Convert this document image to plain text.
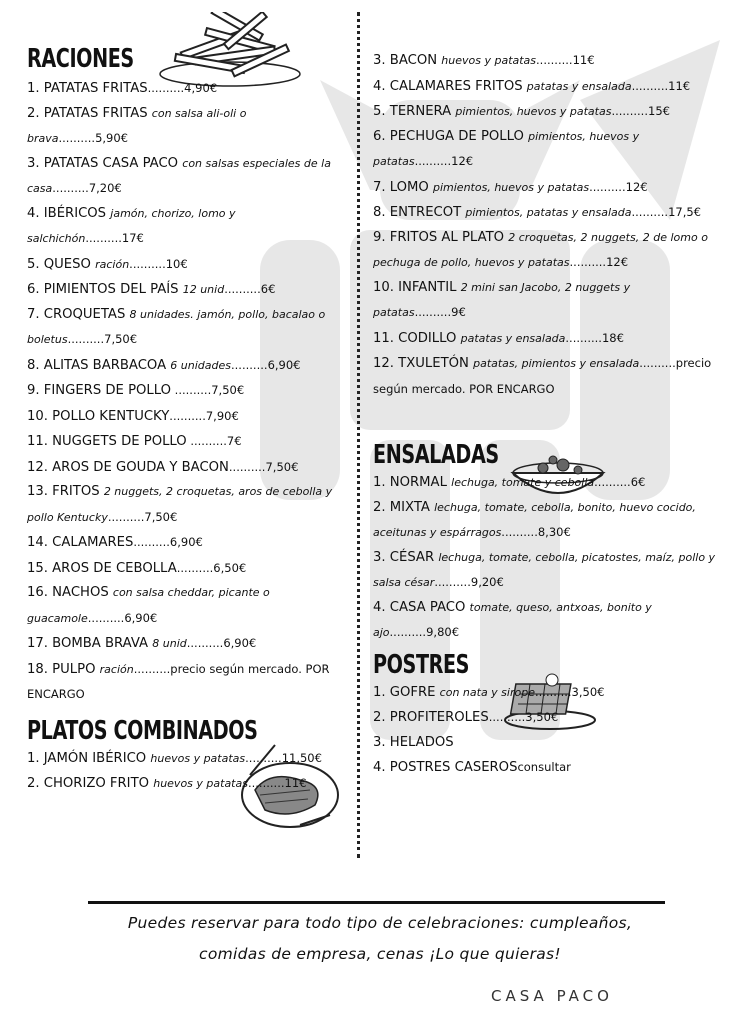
RACIONES
1. PATATAS FRITAS..........4,90€
2. PATATAS FRITAS con salsa ali-oli o brava..........5,90€
3. PATATAS CASA PACO con salsas especiales de la casa..........7,20€
4. IBÉRICOS jamón, chorizo, lomo y salchichón..........17€
5. QUESO ración..........10€
6. PIMIENTOS DEL PAÍS 12 unid..........6€
7. CROQUETAS 8 unidades. jamón, pollo, bacalao o boletus..........7,50€
8. ALITAS BARBACOA 6 unidades..........6,90€
9. FINGERS DE POLLO ..........7,50€
10. POLLO KENTUCKY..........7,90€
11. NUGGETS DE POLLO ..........7€
12. AROS DE GOUDA Y BACON..........7,50€
13. FRITOS 2 nuggets, 2 croquetas, aros de cebolla y pollo Kentucky..........7,50€
14. CALAMARES..........6,90€
15. AROS DE CEBOLLA..........6,50€
16. NACHOS con salsa cheddar, picante o guacamole..........6,90€
17. BOMBA BRAVA 8 unid..........6,90€
18. PULPO ración..........precio según mercado. POR ENCARGO
PLATOS COMBINADOS
1. JAMÓN IBÉRICO huevos y patatas..........11,50€
2. CHORIZO FRITO huevos y patatas..........11€
3. BACON huevos y patatas..........11€
4. CALAMARES FRITOS patatas y ensalada..........11€
5. TERNERA pimientos, huevos y patatas..........15€
6. PECHUGA DE POLLO pimientos, huevos y patatas..........12€
7. LOMO pimientos, huevos y patatas..........12€
8. ENTRECOT pimientos, patatas y ensalada..........17,5€
9. FRITOS AL PLATO 2 croquetas, 2 nuggets, 2 de lomo o pechuga de pollo, huevos y patatas..........12€
10. INFANTIL 2 mini san Jacobo, 2 nuggets y patatas..........9€
11. CODILLO patatas y ensalada..........18€
12. TXULETÓN patatas, pimientos y ensalada..........precio según mercado. POR ENCARGO
ENSALADAS
1. NORMAL lechuga, tomate y cebolla..........6€
2. MIXTA lechuga, tomate, cebolla, bonito, huevo cocido, aceitunas y espárragos..........8,30€
3. CÉSAR lechuga, tomate, cebolla, picatostes, maíz, pollo y salsa césar..........9,20€
4. CASA PACO tomate, queso, antxoas, bonito y ajo..........9,80€
POSTRES
1. GOFRE con nata y sirope..........3,50€
2. PROFITEROLES..........3,50€
3. HELADOS
4. POSTRES CASEROSconsultar
Puedes reservar para todo tipo de celebraciones: cumpleaños,
comidas de empresa, cenas ¡Lo que quieras!
CASA PACO
